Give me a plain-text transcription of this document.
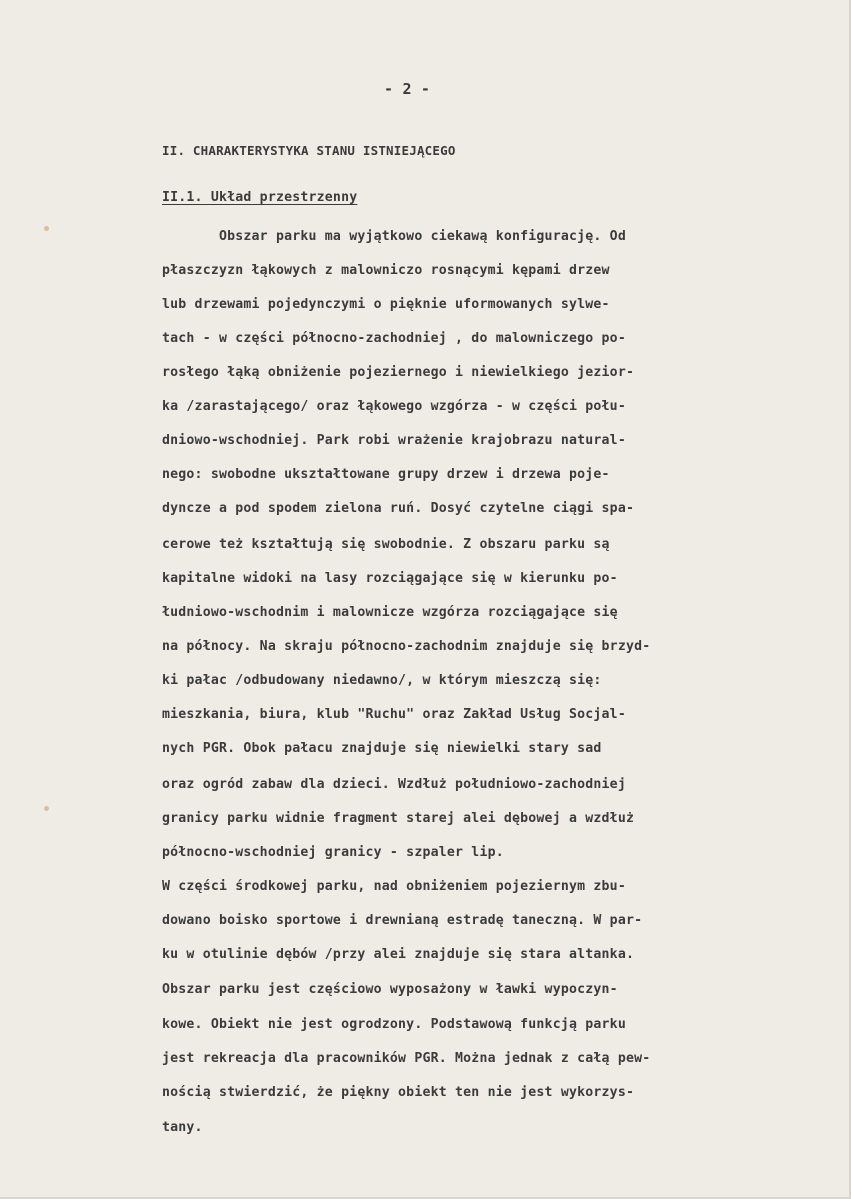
- 2 -

II. CHARAKTERYSTYKA STANU ISTNIEJĄCEGO

II.1. Układ przestrzenny

Obszar parku ma wyjątkowo ciekawą konfigurację. Od

płaszczyzn łąkowych z malowniczo rosnącymi kępami drzew

lub drzewami pojedynczymi o pięknie uformowanych sylwe-

tach - w części północno-zachodniej , do malowniczego po-

rosłego łąką obniżenie pojeziernego i niewielkiego jezior-

ka /zarastającego/ oraz łąkowego wzgórza - w części połu-

dniowo-wschodniej. Park robi wrażenie krajobrazu natural-

nego: swobodne ukształtowane grupy drzew i drzewa poje-

dyncze a pod spodem zielona ruń. Dosyć czytelne ciągi spa-

cerowe też kształtują się swobodnie. Z obszaru parku są

kapitalne widoki na lasy rozciągające się w kierunku po-

łudniowo-wschodnim i malownicze wzgórza rozciągające się

na północy. Na skraju północno-zachodnim znajduje się brzyd-

ki pałac /odbudowany niedawno/, w którym mieszczą się:

mieszkania, biura, klub "Ruchu" oraz Zakład Usług Socjal-

nych PGR. Obok pałacu znajduje się niewielki stary sad

oraz ogród zabaw dla dzieci. Wzdłuż południowo-zachodniej

granicy parku widnie fragment starej alei dębowej a wzdłuż

północno-wschodniej granicy - szpaler lip.

W części środkowej parku, nad obniżeniem pojeziernym zbu-

dowano boisko sportowe i drewnianą estradę taneczną. W par-

ku w otulinie dębów /przy alei znajduje się stara altanka.

Obszar parku jest częściowo wyposażony w ławki wypoczyn-

kowe. Obiekt nie jest ogrodzony. Podstawową funkcją parku

jest rekreacja dla pracowników PGR. Można jednak z całą pew-

nością stwierdzić, że piękny obiekt ten nie jest wykorzys-

tany.
